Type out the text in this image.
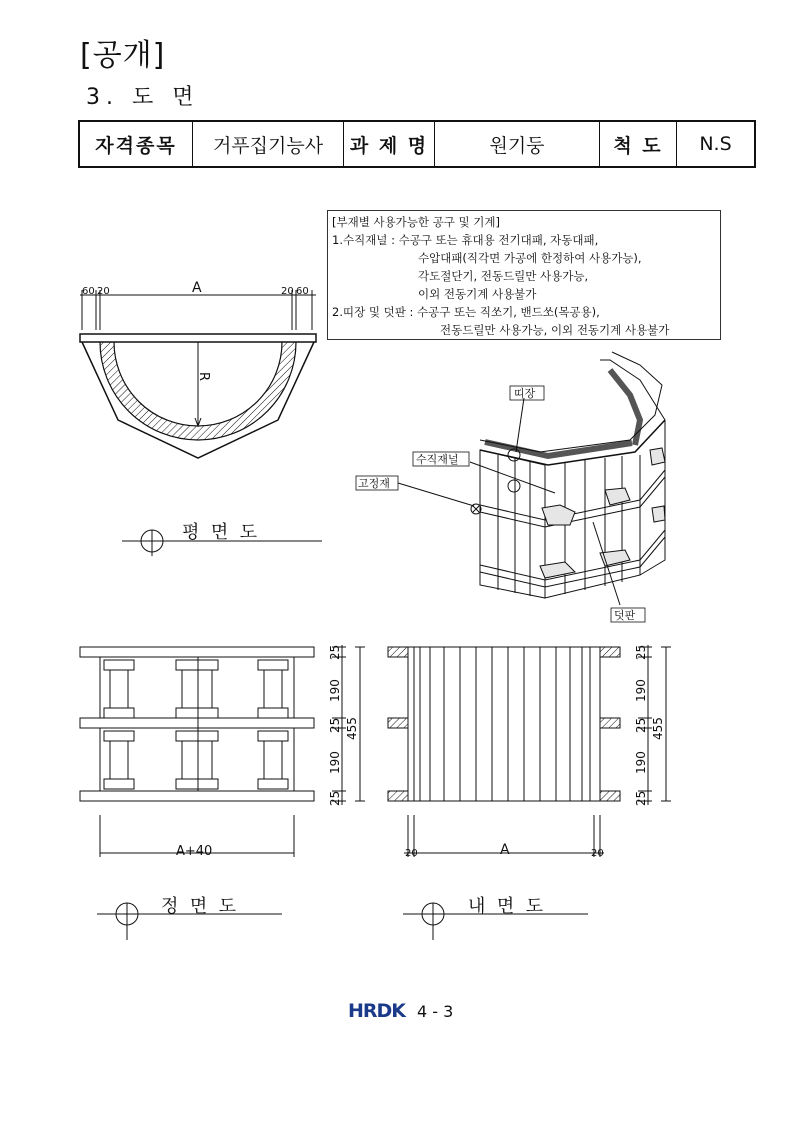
[공개]
3. 도 면
자격종목	거푸집기능사	과 제 명	원기둥	척 도	N.S
[부재별 사용가능한 공구 및 기계]
1.수직재널 : 수공구 또는 휴대용 전기대패, 자동대패,
수압대패(직각면 가공에 한정하여 사용가능),
각도절단기, 전동드릴만 사용가능,
이외 전동기계 사용불가
2.띠장 및 덧판 : 수공구 또는 직쏘기, 밴드쏘(목공용),
전동드릴만 사용가능, 이외 전동기계 사용불가
60 20	A	20 60
R
평  면  도
띠장
수직재널
고정재
덧판
25
190
25
190
25
455
A+40
정  면  도
25
190
25
190
25
455
20	A	20
내  면  도
HRDK 4 - 3
